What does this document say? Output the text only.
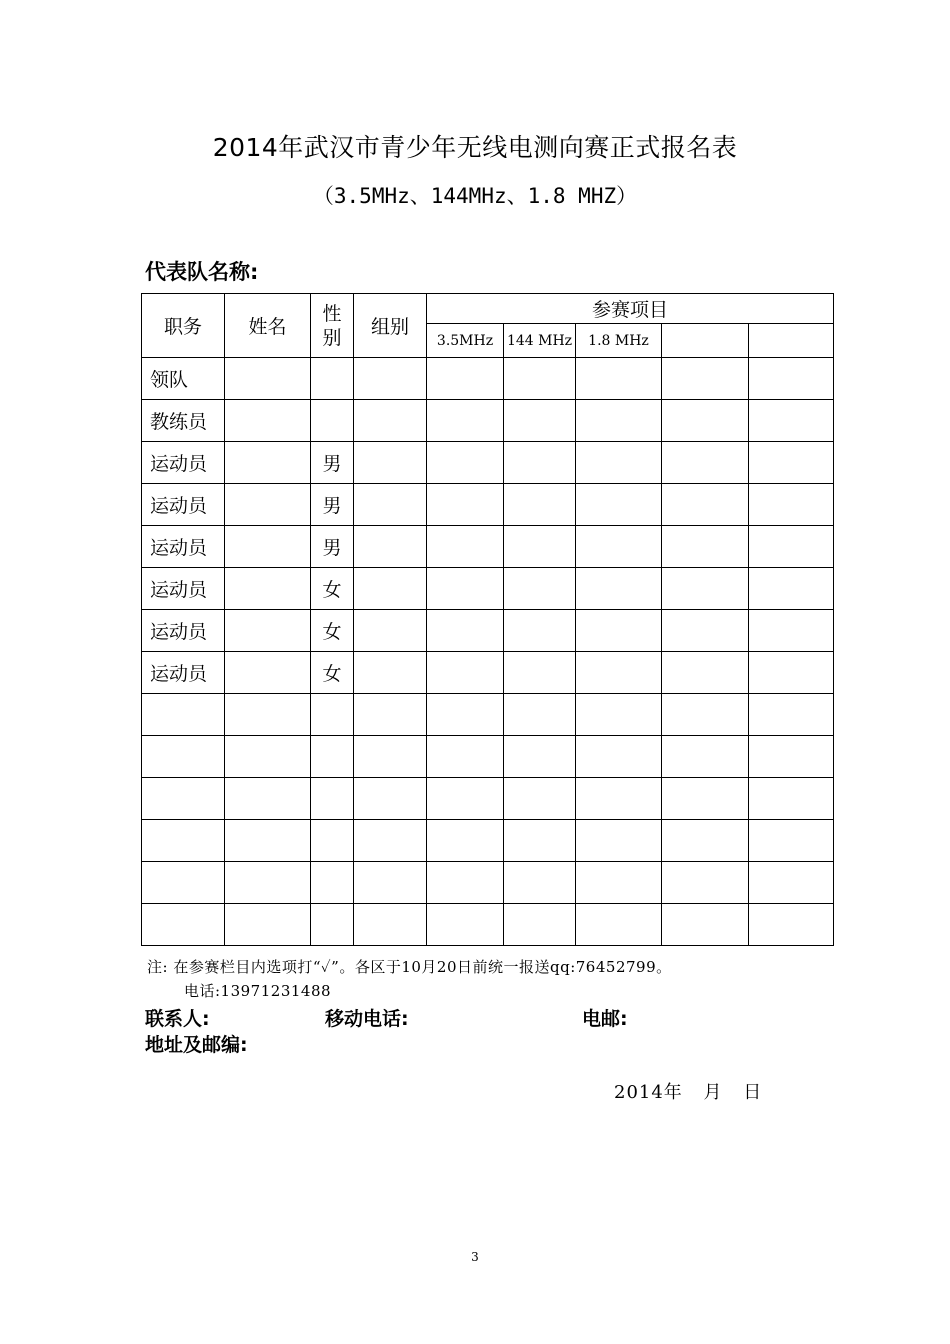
2014年武汉市青少年无线电测向赛正式报名表
（3.5MHz、144MHz、1.8 MHZ）
代表队名称:
职务	姓名	性别	组别	参赛项目				
				3.5MHz	144 MHz	1.8 MHz		
领队								
教练员								
运动员		男						
运动员		男						
运动员		男						
运动员		女						
运动员		女						
运动员		女						

注: 在参赛栏目内选项打“✓”。各区于10月20日前统一报送qq:76452799。
电话:13971231488
联系人:	移动电话:	电邮:
地址及邮编:
2014年 月 日
3
